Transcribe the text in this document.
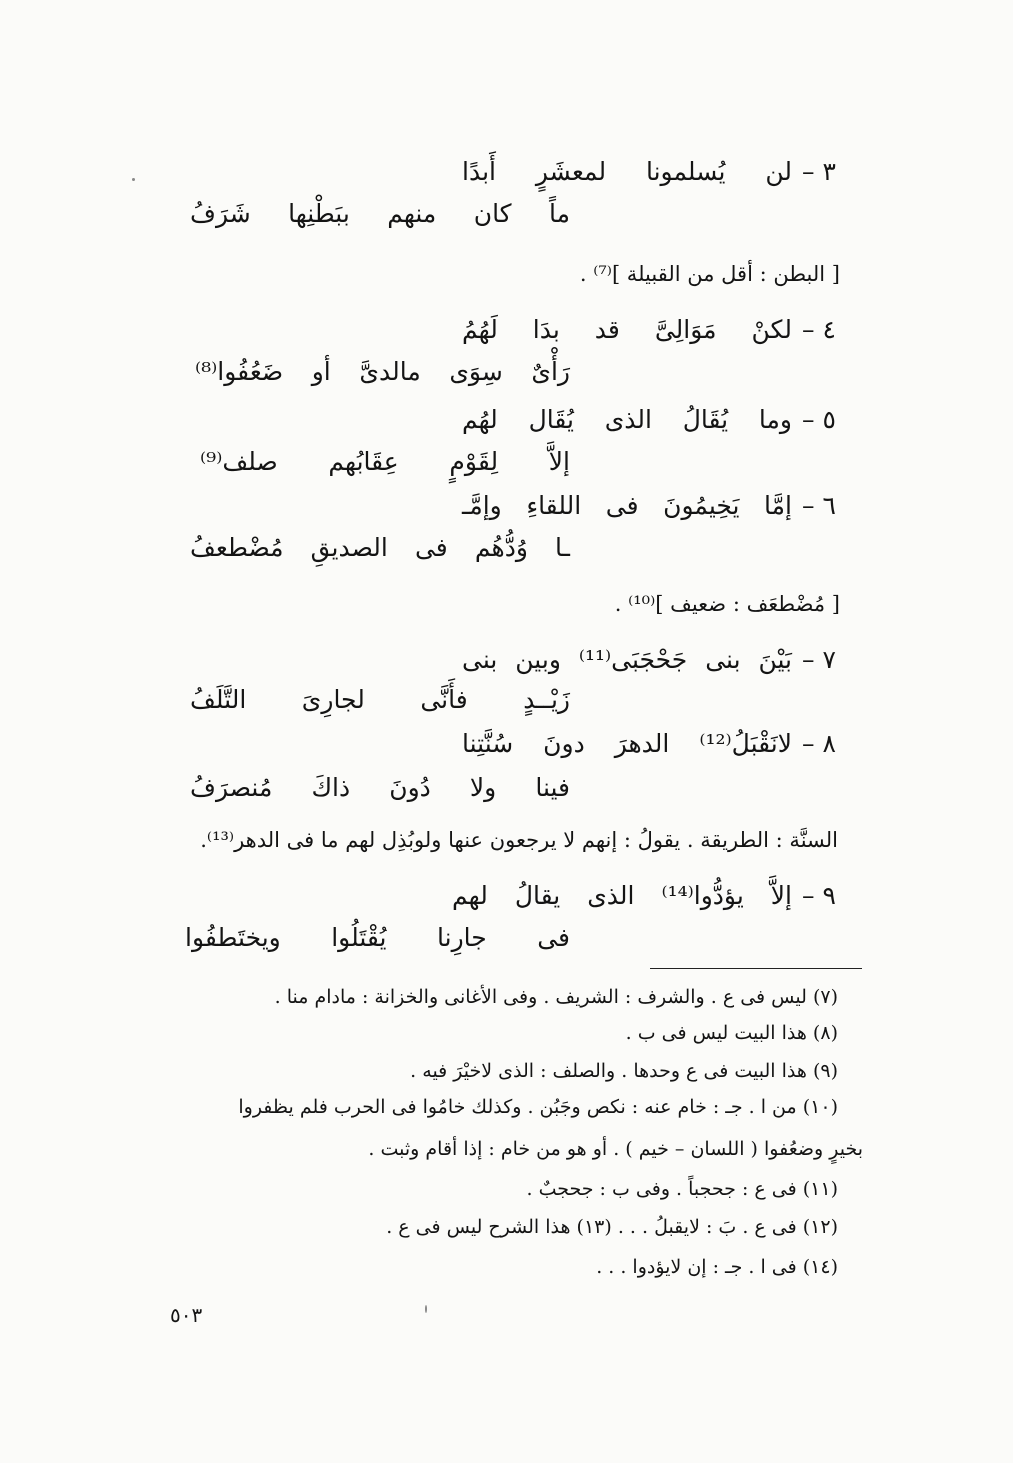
٣ –
لن
يُسلمونا
لمعشَرٍ
أَبدًا
ماً
كان
منهم
ببَطْنِها
شَرَفُ
[ البطن : أقل من القبيلة ]⁽⁷⁾ .
٤ –
لكنْ
مَوَالِىَّ
قد
بدَا
لَهُمُ
رَأْىٌ
سِوَى
مالدىَّ
أو
ضَعُفُوا⁽⁸⁾
٥ –
وما
يُقَالُ
الذى
يُقَال
لهُم
إلاَّ
لِقَوْمٍ
عِقَابُهم
صلف⁽⁹⁾
٦ –
إمَّا
يَخِيمُونَ
فى
اللقاءِ
وإمَّـ
ـا
وُدُّهُم
فى
الصديقِ
مُضْطعفُ
[ مُضْطعَف : ضعيف ]⁽¹⁰⁾ .
٧ –
بَيْنَ
بنى
جَحْجَبَى⁽¹¹⁾
وبين
بنى
زَيْــدٍ
فأَنَّى
لجارِىَ
التَّلَفُ
٨ –
لانَقْبَلُ⁽¹²⁾
الدهرَ
دونَ
سُنَّتِنا
فينا
ولا
دُونَ
ذاكَ
مُنصرَفُ
السنَّة : الطريقة . يقولُ : إنهم لا يرجعون عنها ولوبُذِل لهم ما فى الدهر⁽¹³⁾.
٩ –
إلاَّ
يؤدُّوا⁽¹⁴⁾
الذى
يقالُ
لهم
فى
جارِنا
يُقْتَلُوا
ويختَطفُوا
(٧) ليس فى ع . والشرف : الشريف . وفى الأغانى والخزانة : مادام منا .
(٨) هذا البيت ليس فى ب .
(٩) هذا البيت فى ع وحدها . والصلف : الذى لاخيْرَ فيه .
(١٠) من ا . جـ : خام عنه : نكص وجَبُن . وكذلك خامُوا فى الحرب فلم يظفروا
بخيرٍ وضعُفوا ( اللسان – خيم ) . أو هو من خام : إذا أقام وثبت .
(١١) فى ع : جحجباً . وفى ب : جحجبٌ .
(١٢) فى ع . بَ : لايقبلُ . . . (١٣) هذا الشرح ليس فى ع .
(١٤) فى ا . جـ : إن لايؤدوا . . .
٥٠٣
